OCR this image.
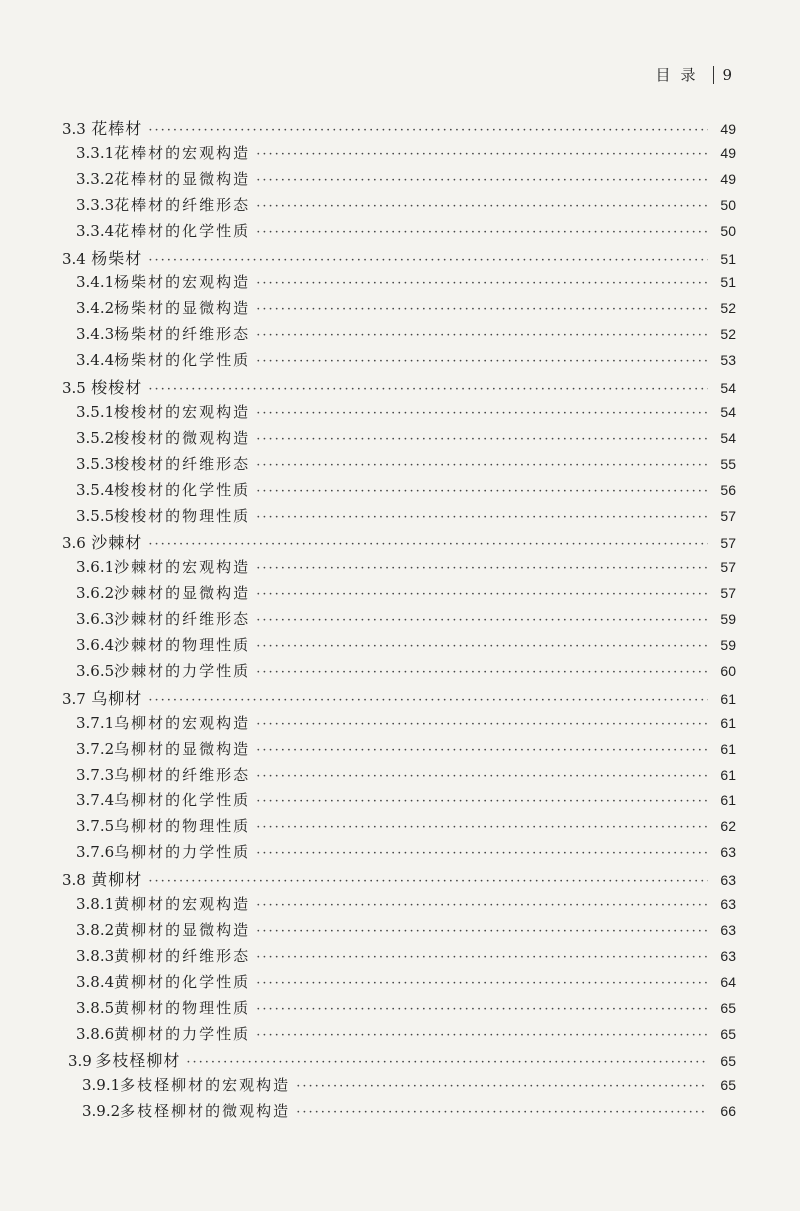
目录 9
3.3 花棒材 ·····	49
3.3.1 花棒材的宏观构造 ·····	49
3.3.2 花棒材的显微构造 ·····	49
3.3.3 花棒材的纤维形态 ·····	50
3.3.4 花棒材的化学性质 ·····	50
3.4 杨柴材 ·····	51
3.4.1 杨柴材的宏观构造 ·····	51
3.4.2 杨柴材的显微构造 ·····	52
3.4.3 杨柴材的纤维形态 ·····	52
3.4.4 杨柴材的化学性质 ·····	53
3.5 梭梭材 ·····	54
3.5.1 梭梭材的宏观构造 ·····	54
3.5.2 梭梭材的微观构造 ·····	54
3.5.3 梭梭材的纤维形态 ·····	55
3.5.4 梭梭材的化学性质 ·····	56
3.5.5 梭梭材的物理性质 ·····	57
3.6 沙棘材 ·····	57
3.6.1 沙棘材的宏观构造 ·····	57
3.6.2 沙棘材的显微构造 ·····	57
3.6.3 沙棘材的纤维形态 ·····	59
3.6.4 沙棘材的物理性质 ·····	59
3.6.5 沙棘材的力学性质 ·····	60
3.7 乌柳材 ·····	61
3.7.1 乌柳材的宏观构造 ·····	61
3.7.2 乌柳材的显微构造 ·····	61
3.7.3 乌柳材的纤维形态 ·····	61
3.7.4 乌柳材的化学性质 ·····	61
3.7.5 乌柳材的物理性质 ·····	62
3.7.6 乌柳材的力学性质 ·····	63
3.8 黄柳材 ·····	63
3.8.1 黄柳材的宏观构造 ·····	63
3.8.2 黄柳材的显微构造 ·····	63
3.8.3 黄柳材的纤维形态 ·····	63
3.8.4 黄柳材的化学性质 ·····	64
3.8.5 黄柳材的物理性质 ·····	65
3.8.6 黄柳材的力学性质 ·····	65
3.9 多枝柽柳材 ·····	65
3.9.1 多枝柽柳材的宏观构造 ·····	65
3.9.2 多枝柽柳材的微观构造 ·····	66
